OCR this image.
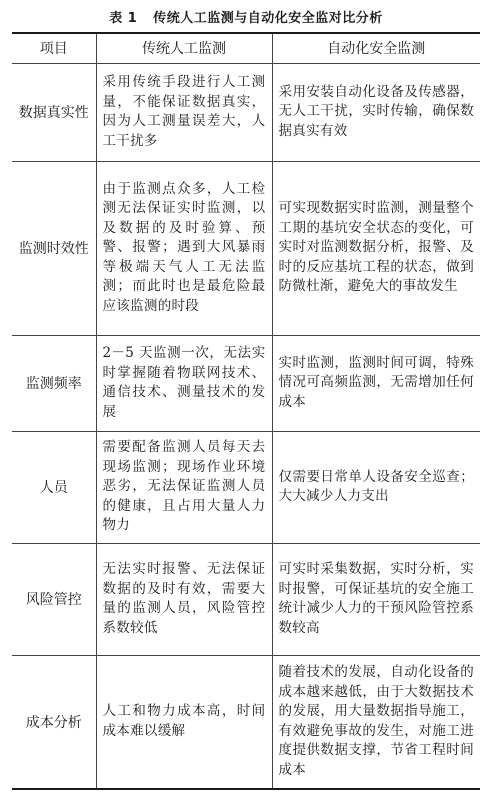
表 1 传统人工监测与自动化安全监对比分析
项目	传统人工监测	自动化安全监测
数据真实性	采用传统手段进行人工测量，不能保证数据真实，因为人工测量误差大，人工干扰多	采用安装自动化设备及传感器，无人工干扰，实时传输，确保数据真实有效
监测时效性	由于监测点众多，人工检测无法保证实时监测，以及数据的及时验算、预警、报警；遇到大风暴雨等极端天气人工无法监测；而此时也是最危险最应该监测的时段	可实现数据实时监测，测量整个工期的基坑安全状态的变化，可实时对监测数据分析，报警、及时的反应基坑工程的状态，做到防微杜渐，避免大的事故发生
监测频率	2－5 天监测一次，无法实时掌握随着物联网技术、通信技术、测量技术的发展	实时监测，监测时间可调，特殊情况可高频监测，无需增加任何成本
人员	需要配备监测人员每天去现场监测；现场作业环境恶劣，无法保证监测人员的健康，且占用大量人力物力	仅需要日常单人设备安全巡查；大大减少人力支出
风险管控	无法实时报警、无法保证数据的及时有效，需要大量的监测人员，风险管控系数较低	可实时采集数据，实时分析，实时报警，可保证基坑的安全施工统计减少人力的干预风险管控系数较高
成本分析	人工和物力成本高，时间成本难以缓解	随着技术的发展，自动化设备的成本越来越低，由于大数据技术的发展，用大量数据指导施工，有效避免事故的发生，对施工进度提供数据支撑，节省工程时间成本
